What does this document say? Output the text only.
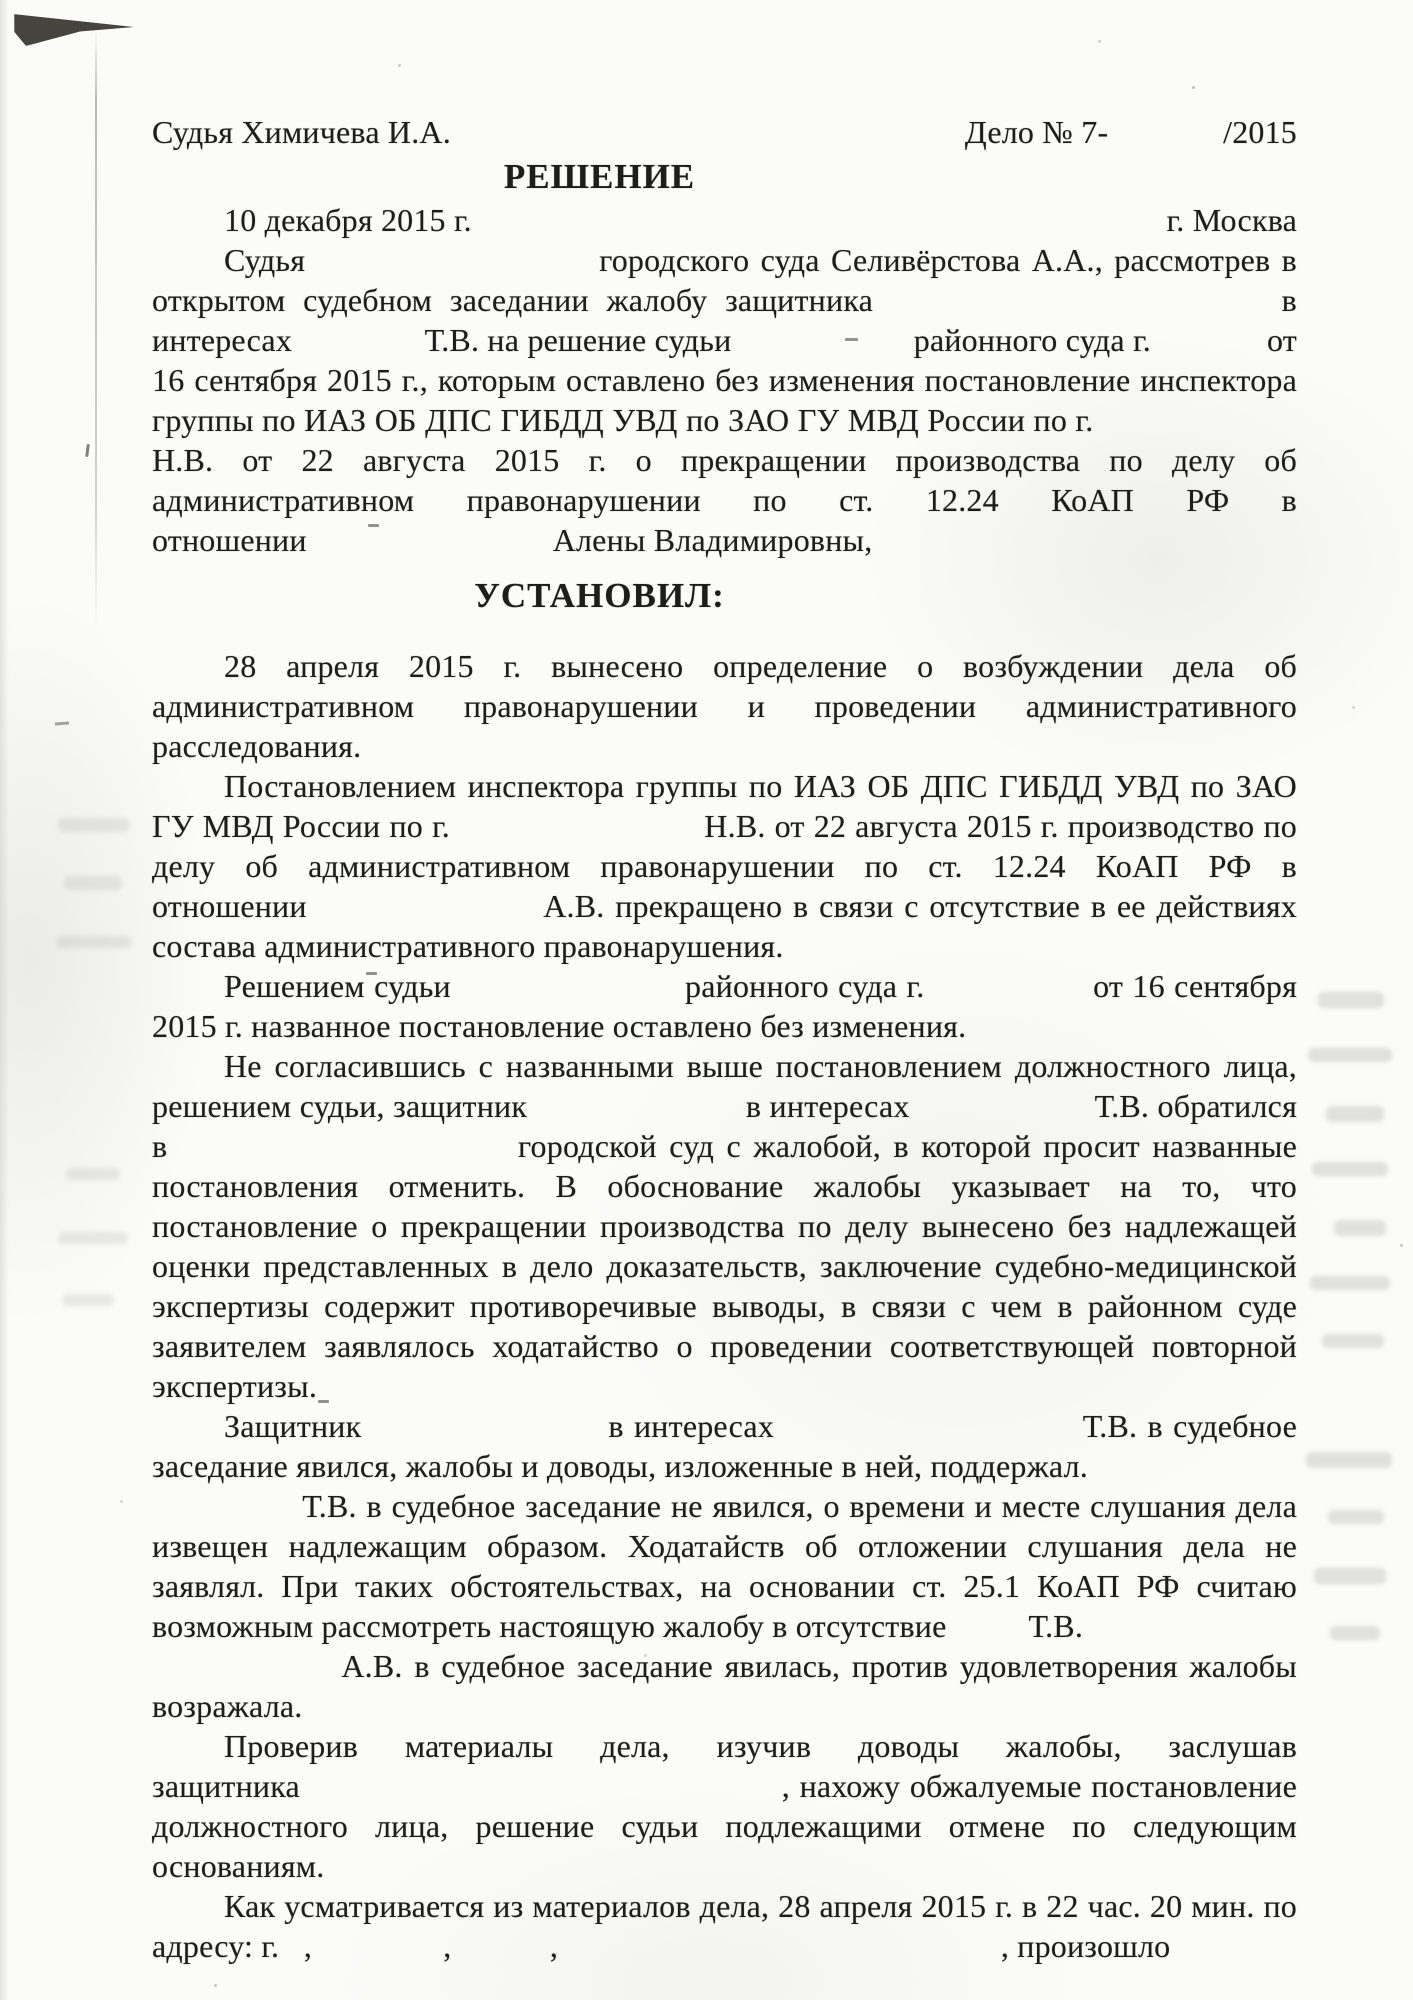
Судья Химичева И.А.	Дело № 7-              /2015
РЕШЕНИЕ
10 декабря 2015 г.	г. Москва

Судья                          городского суда Селивёрстова А.А., рассмотрев в открытом судебном заседании жалобу защитника                       в интересах                Т.В. на решение судьи                      районного суда г.              от 16 сентября 2015 г., которым оставлено без изменения постановление инспектора группы по ИАЗ ОБ ДПС ГИБДД УВД по ЗАО ГУ МВД России по г.                         Н.В. от 22 августа 2015 г. о прекращении производства по делу об административном правонарушении по ст. 12.24 КоАП РФ в отношении                              Алены Владимировны,

УСТАНОВИЛ:

28 апреля 2015 г. вынесено определение о возбуждении дела об административном правонарушении и проведении административного расследования.

Постановлением инспектора группы по ИАЗ ОБ ДПС ГИБДД УВД по ЗАО ГУ МВД России по г.                            Н.В. от 22 августа 2015 г. производство по делу об административном правонарушении по ст. 12.24 КоАП РФ в отношении                      А.В. прекращено в связи с отсутствие в ее действиях состава административного правонарушения.

Решением судьи                         районного суда г.                  от 16 сентября 2015 г. названное постановление оставлено без изменения.

Не согласившись с названными выше постановлением должностного лица, решением судьи, защитник                          в интересах                      Т.В. обратился в                            городской суд с жалобой, в которой просит названные постановления отменить. В обоснование жалобы указывает на то, что постановление о прекращении производства по делу вынесено без надлежащей оценки представленных в дело доказательств, заключение судебно-медицинской экспертизы содержит противоречивые выводы, в связи с чем в районном суде заявителем заявлялось ходатайство о проведении соответствующей повторной экспертизы.

Защитник                        в интересах                              Т.В. в судебное заседание явился, жалобы и доводы, изложенные в ней, поддержал.

Т.В. в судебное заседание не явился, о времени и месте слушания дела извещен надлежащим образом. Ходатайств об отложении слушания дела не заявлял. При таких обстоятельствах, на основании ст. 25.1 КоАП РФ считаю возможным рассмотреть настоящую жалобу в отсутствие          Т.В.

А.В. в судебное заседание явилась, против удовлетворения жалобы возражала.

Проверив материалы дела, изучив доводы жалобы, заслушав защитника                                                  , нахожу обжалуемые постановление должностного лица, решение судьи подлежащими отмене по следующим основаниям.

Как усматривается из материалов дела, 28 апреля 2015 г. в 22 час. 20 мин. по адресу: г.   ,                ,            ,                                                      , произошло
